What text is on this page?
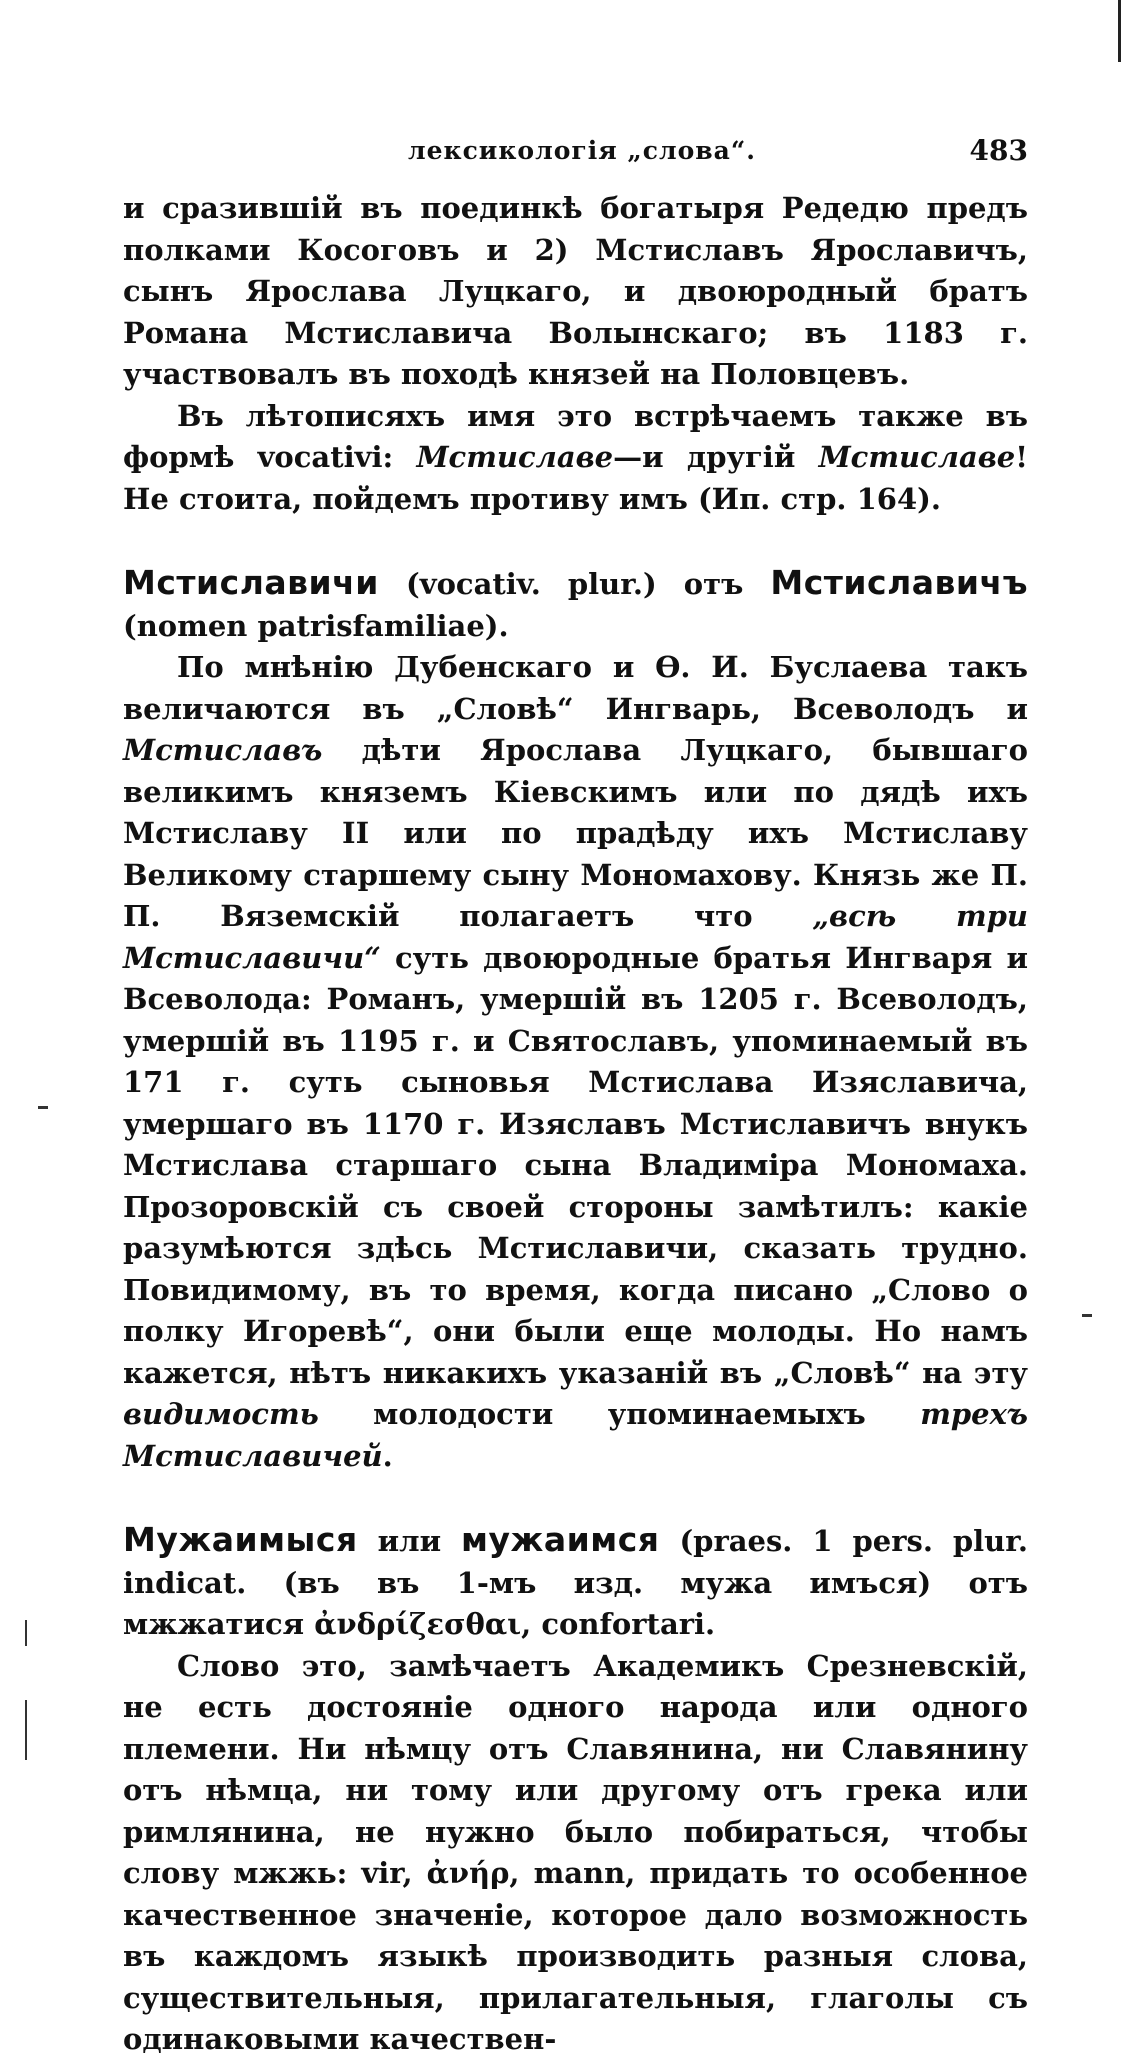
лексикологія „слова“.	483

и сразившій въ поединкѣ богатыря Редедю предъ полками Косоговъ и 2) Мстиславъ Ярославичъ, сынъ Ярослава Луцкаго, и двоюродный братъ Романа Мстиславича Волынскаго; въ 1183 г. участвовалъ въ походѣ князей на Половцевъ.

Въ лѣтописяхъ имя это встрѣчаемъ также въ формѣ vocativi: Мстиславе—и другій Мстиславе! Не стоита, пойдемъ противу имъ (Ип. стр. 164).

Мстиславичи (vocativ. plur.) отъ Мстиславичъ (nomen patrisfamiliae).

По мнѣнію Дубенскаго и Ѳ. И. Буслаева такъ величаются въ „Словѣ“ Ингварь, Всеволодъ и Мстиславъ дѣти Ярослава Луцкаго, бывшаго великимъ княземъ Кіевскимъ или по дядѣ ихъ Мстиславу II или по прадѣду ихъ Мстиславу Великому старшему сыну Мономахову. Князь же П. П. Вяземскій полагаетъ что „всѣ три Мстиславичи“ суть двоюродные братья Ингваря и Всеволода: Романъ, умершій въ 1205 г. Всеволодъ, умершій въ 1195 г. и Святославъ, упоминаемый въ 171 г. суть сыновья Мстислава Изяславича, умершаго въ 1170 г. Изяславъ Мстиславичъ внукъ Мстислава старшаго сына Владиміра Мономаха. Прозоровскій съ своей стороны замѣтилъ: какіе разумѣются здѣсь Мстиславичи, сказать трудно. Повидимому, въ то время, когда писано „Слово о полку Игоревѣ“, они были еще молоды. Но намъ кажется, нѣтъ никакихъ указаній въ „Словѣ“ на эту видимость молодости упоминаемыхъ трехъ Мстиславичей.

Мужаимыся или мужаимся (praes. 1 pers. plur. indicat. (въ въ 1-мъ изд. мужа имъся) отъ мжжатися ἀνδρίζεσθαι, confortari.

Слово это, замѣчаетъ Академикъ Срезневскій, не есть достояніе одного народа или одного племени. Ни нѣмцу отъ Славянина, ни Славянину отъ нѣмца, ни тому или другому отъ грека или римлянина, не нужно было побираться, чтобы слову мжжь: vir, ἀνήρ, mann, придать то особенное качественное значеніе, которое дало возможность въ каждомъ языкѣ производить разныя слова, существительныя, прилагательныя, глаголы съ одинаковыми качествен-
